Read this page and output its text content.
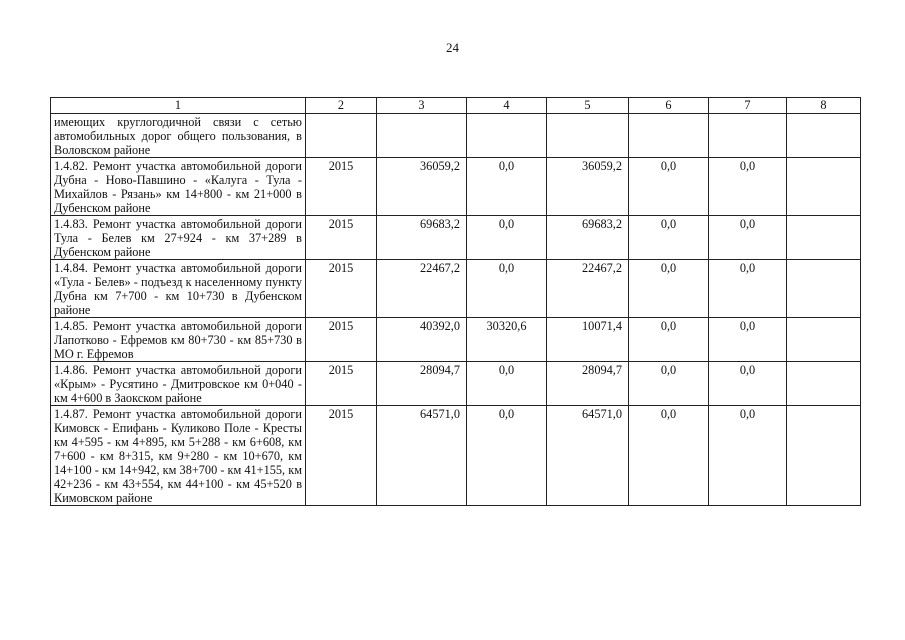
24
1	2	3	4	5	6	7	8
имеющих круглогодичной связи с сетью автомобильных дорог общего пользования, в Воловском районе							
1.4.82. Ремонт участка автомобильной дороги Дубна - Ново-Павшино - «Калуга - Тула - Михайлов - Рязань» км 14+800 - км 21+000 в Дубенском районе	2015	36059,2	0,0	36059,2	0,0	0,0	
1.4.83. Ремонт участка автомобильной дороги Тула - Белев км 27+924 - км 37+289 в Дубенском районе	2015	69683,2	0,0	69683,2	0,0	0,0	
1.4.84. Ремонт участка автомобильной дороги «Тула - Белев» - подъезд к населенному пункту Дубна км 7+700 - км 10+730 в Дубенском районе	2015	22467,2	0,0	22467,2	0,0	0,0	
1.4.85. Ремонт участка автомобильной дороги Лапотково - Ефремов км 80+730 - км 85+730 в МО г. Ефремов	2015	40392,0	30320,6	10071,4	0,0	0,0	
1.4.86. Ремонт участка автомобильной дороги «Крым» - Русятино - Дмитровское км 0+040 - км 4+600 в Заокском районе	2015	28094,7	0,0	28094,7	0,0	0,0	
1.4.87. Ремонт участка автомобильной дороги Кимовск - Епифань - Куликово Поле - Кресты км 4+595 - км 4+895, км 5+288 - км 6+608, км 7+600 - км 8+315, км 9+280 - км 10+670, км 14+100 - км 14+942, км 38+700 - км 41+155, км 42+236 - км 43+554, км 44+100 - км 45+520 в Кимовском районе	2015	64571,0	0,0	64571,0	0,0	0,0	
